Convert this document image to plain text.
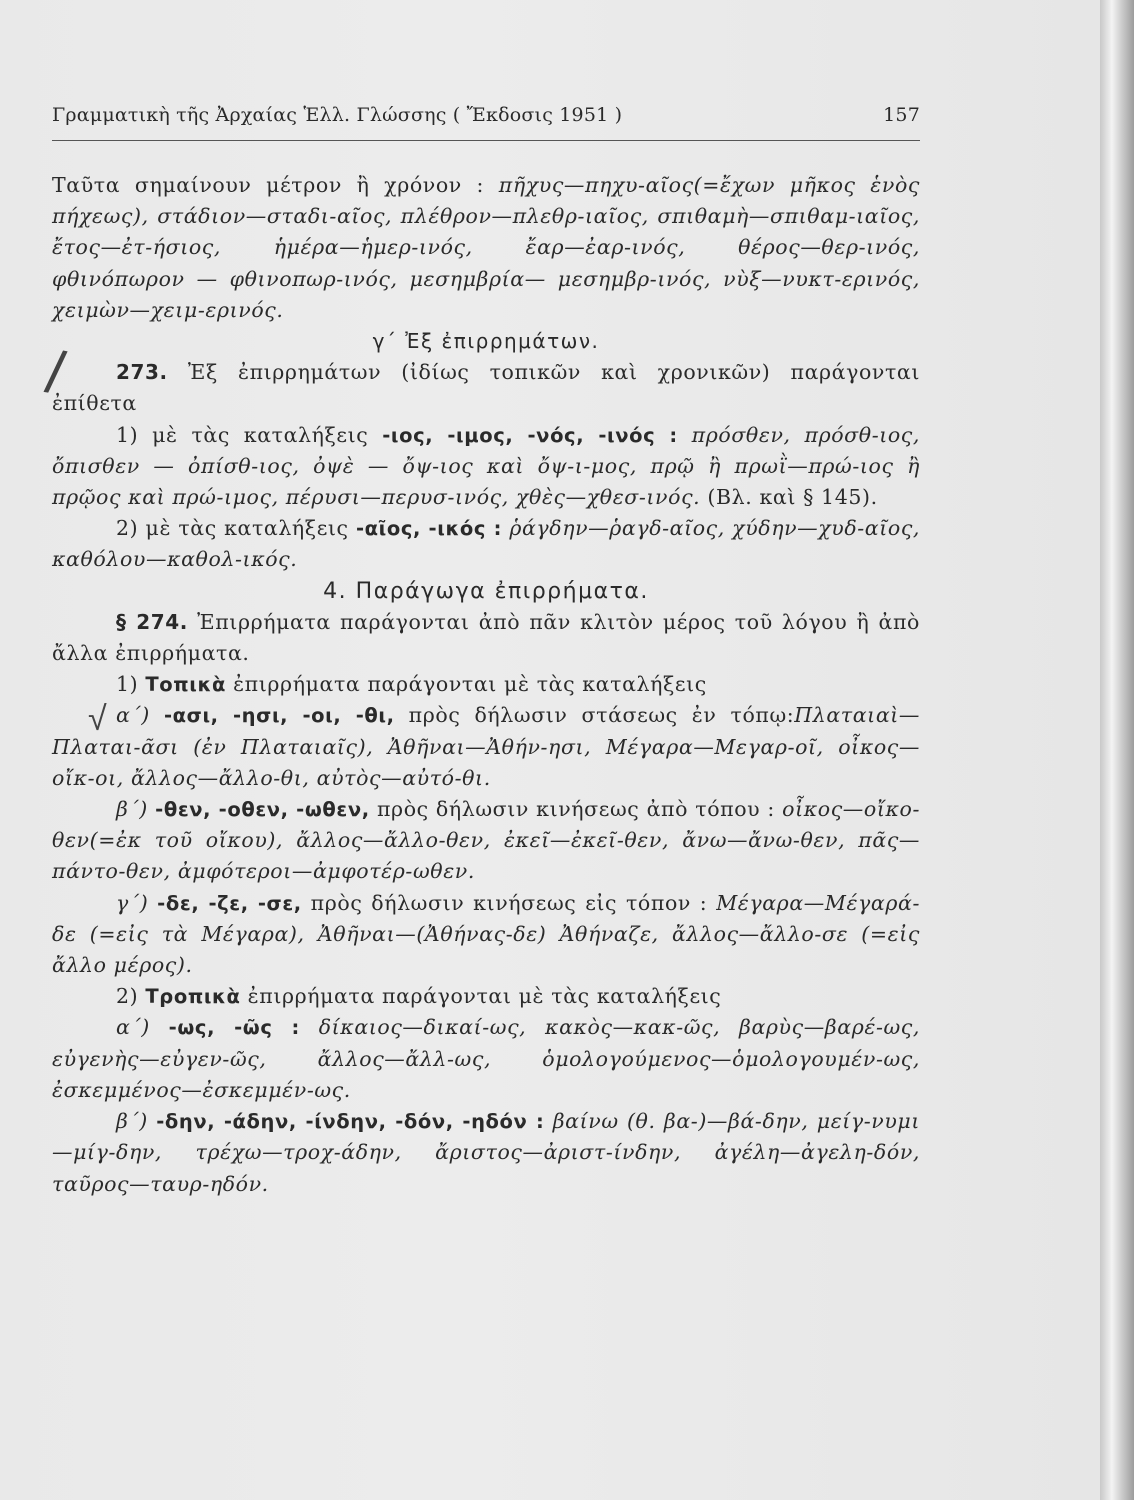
Γραμματικὴ τῆς Ἀρχαίας Ἑλλ. Γλώσσης ( Ἔκδοσις 1951 )	157
/
√

Ταῦτα σημαίνουν μέτρον ἢ χρόνον : πῆχυς—πηχυ-αῖος(=ἔχων μῆκος ἑνὸς πήχεως), στάδιον—σταδι-αῖος, πλέθρον—πλεθρ-ιαῖος, σπιθαμὴ—σπιθαμ-ιαῖος, ἔτος—ἐτ-ήσιος, ἡμέρα—ἡμερ-ινός, ἔαρ—ἐαρ-ινός, θέρος—θερ-ινός, φθινόπωρον — φθινοπωρ-ινός, μεσημβρία— μεσημβρ-ινός, νὺξ—νυκτ-ερινός, χειμὼν—χειμ-ερινός.

γ΄ Ἐξ ἐπιρρημάτων.

273. Ἐξ ἐπιρρημάτων (ἰδίως τοπικῶν καὶ χρονικῶν) παράγονται ἐπίθετα

1) μὲ τὰς καταλήξεις -ιος, -ιμος, -νός, -ινός : πρόσθεν, πρόσθ-ιος, ὄπισθεν — ὀπίσθ-ιος, ὀψὲ — ὄψ-ιος καὶ ὄψ-ι-μος, πρῷ ἢ πρωῒ—πρώ-ιος ἢ πρῷος καὶ πρώ-ιμος, πέρυσι—περυσ-ινός, χθὲς—χθεσ-ινός. (Βλ. καὶ § 145).

2) μὲ τὰς καταλήξεις -αῖος, -ικός : ῥάγδην—ῥαγδ-αῖος, χύδην—χυδ-αῖος, καθόλου—καθολ-ικός.

4. Παράγωγα ἐπιρρήματα.

§ 274. Ἐπιρρήματα παράγονται ἀπὸ πᾶν κλιτὸν μέρος τοῦ λόγου ἢ ἀπὸ ἄλλα ἐπιρρήματα.

1) Τοπικὰ ἐπιρρήματα παράγονται μὲ τὰς καταλήξεις

α΄) -ασι, -ησι, -οι, -θι, πρὸς δήλωσιν στάσεως ἐν τόπῳ:Πλαταιαὶ—Πλαται-ᾶσι (ἐν Πλαταιαῖς), Ἀθῆναι—Ἀθήν-ησι, Μέγαρα—Μεγαρ-οῖ, οἶκος—οἴκ-οι, ἄλλος—ἄλλο-θι, αὐτὸς—αὐτό-θι.

β΄) -θεν, -οθεν, -ωθεν, πρὸς δήλωσιν κινήσεως ἀπὸ τόπου : οἶκος—οἴκο-θεν(=ἐκ τοῦ οἴκου), ἄλλος—ἄλλο-θεν, ἐκεῖ—ἐκεῖ-θεν, ἄνω—ἄνω-θεν, πᾶς—πάντο-θεν, ἀμφότεροι—ἀμφοτέρ-ωθεν.

γ΄) -δε, -ζε, -σε, πρὸς δήλωσιν κινήσεως εἰς τόπον : Μέγαρα—Μέγαρά-δε (=εἰς τὰ Μέγαρα), Ἀθῆναι—(Ἀθήνας-δε) Ἀθήναζε, ἄλλος—ἄλλο-σε (=εἰς ἄλλο μέρος).

2) Τροπικὰ ἐπιρρήματα παράγονται μὲ τὰς καταλήξεις

α΄) -ως, -ῶς : δίκαιος—δικαί-ως, κακὸς—κακ-ῶς, βαρὺς—βαρέ-ως, εὐγενὴς—εὐγεν-ῶς, ἄλλος—ἄλλ-ως, ὁμολογούμενος—ὁμολογουμέν-ως, ἐσκεμμένος—ἐσκεμμέν-ως.

β΄) -δην, -άδην, -ίνδην, -δόν, -ηδόν : βαίνω (θ. βα-)—βά-δην, μείγ-νυμι—μίγ-δην, τρέχω—τροχ-άδην, ἄριστος—ἀριστ-ίνδην, ἀγέλη—ἀγελη-δόν, ταῦρος—ταυρ-ηδόν.
